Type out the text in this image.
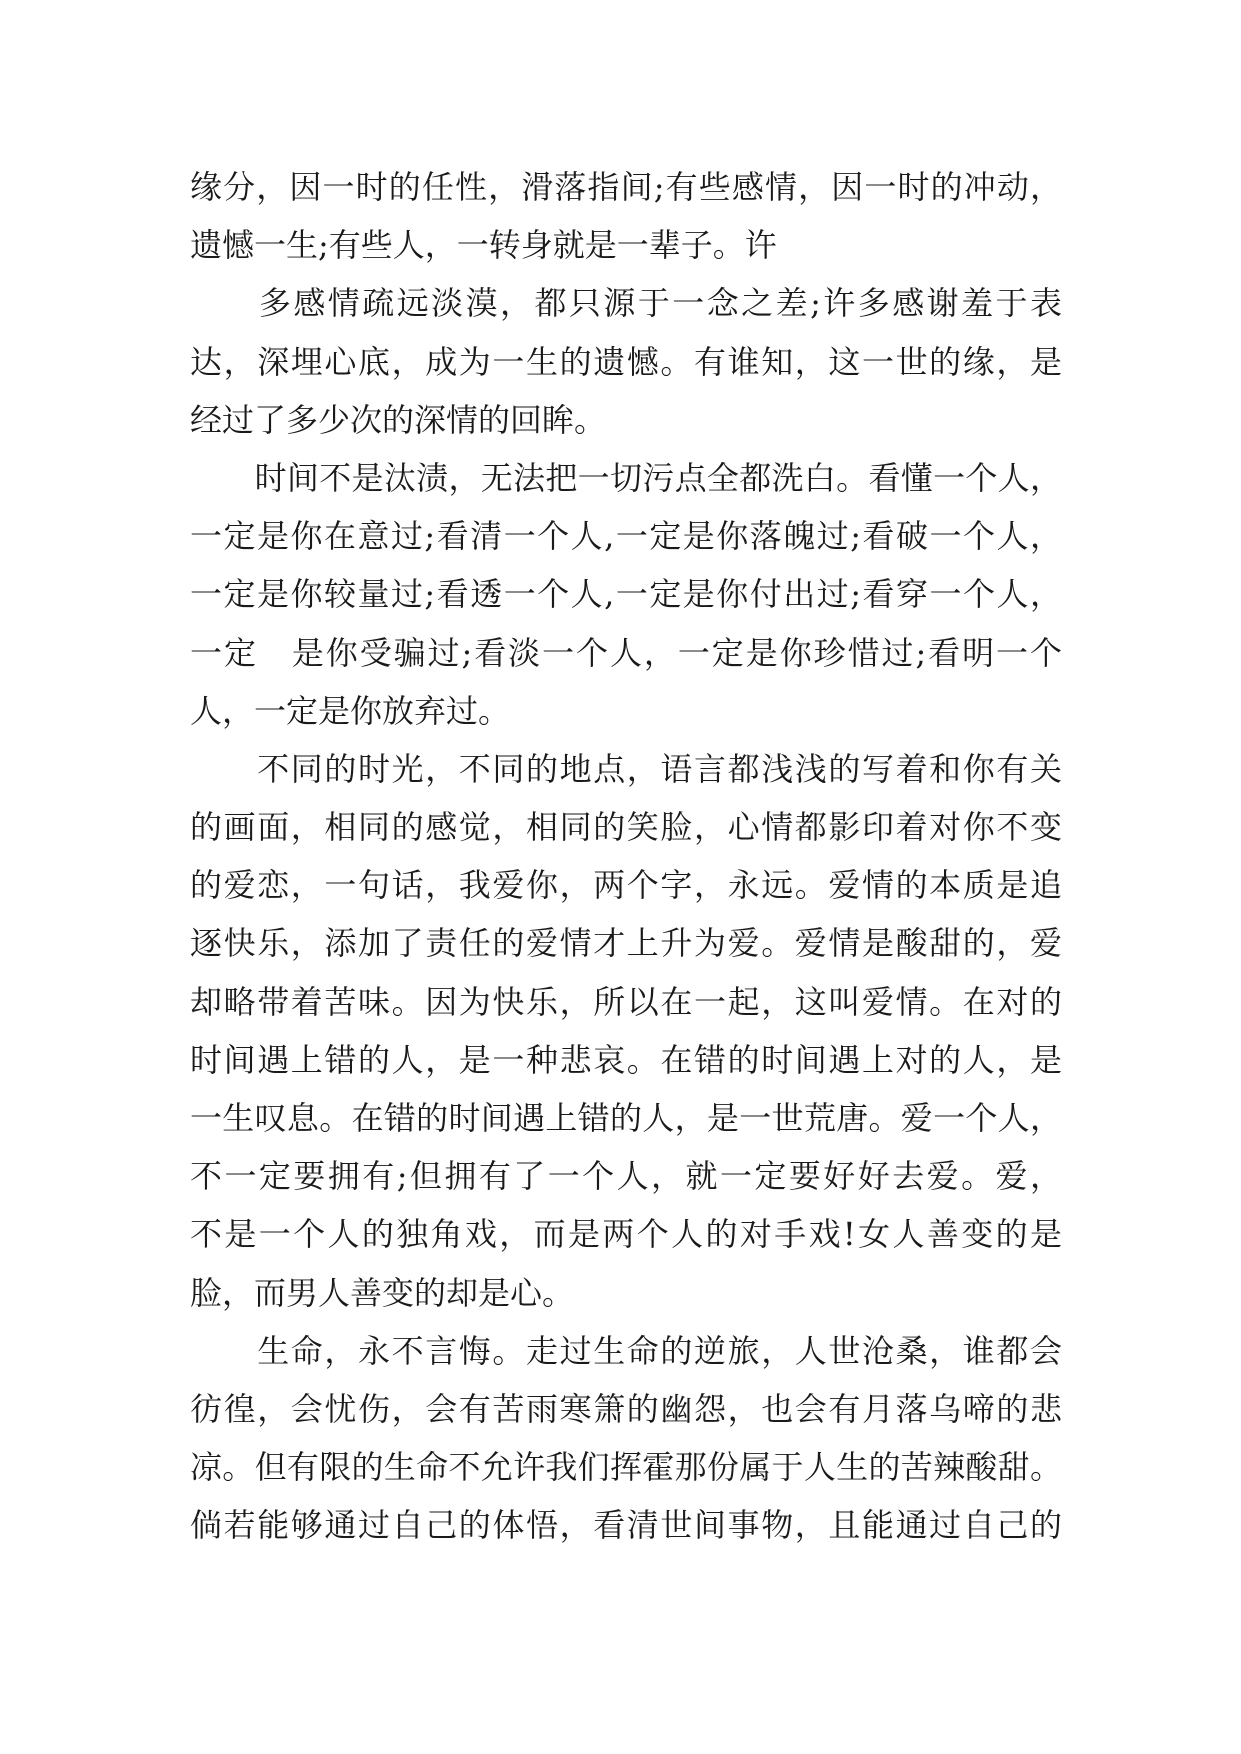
缘分，因一时的任性，滑落指间;有些感情，因一时的冲动，
遗憾一生;有些人，一转身就是一辈子。许
　　多感情疏远淡漠，都只源于一念之差;许多感谢羞于表
达，深埋心底，成为一生的遗憾。有谁知，这一世的缘，是
经过了多少次的深情的回眸。
　　时间不是汰渍，无法把一切污点全都洗白。看懂一个人，
一定是你在意过;看清一个人,一定是你落魄过;看破一个人，
一定是你较量过;看透一个人,一定是你付出过;看穿一个人，
一定　是你受骗过;看淡一个人，一定是你珍惜过;看明一个
人，一定是你放弃过。
　　不同的时光，不同的地点，语言都浅浅的写着和你有关
的画面，相同的感觉，相同的笑脸，心情都影印着对你不变
的爱恋，一句话，我爱你，两个字，永远。爱情的本质是追
逐快乐，添加了责任的爱情才上升为爱。爱情是酸甜的，爱
却略带着苦味。因为快乐，所以在一起，这叫爱情。在对的
时间遇上错的人，是一种悲哀。在错的时间遇上对的人，是
一生叹息。在错的时间遇上错的人，是一世荒唐。爱一个人，
不一定要拥有;但拥有了一个人，就一定要好好去爱。爱，
不是一个人的独角戏，而是两个人的对手戏!女人善变的是
脸，而男人善变的却是心。
　　生命，永不言悔。走过生命的逆旅，人世沧桑，谁都会
彷徨，会忧伤，会有苦雨寒箫的幽怨，也会有月落乌啼的悲
凉。但有限的生命不允许我们挥霍那份属于人生的苦辣酸甜。
倘若能够通过自己的体悟，看清世间事物，且能通过自己的
